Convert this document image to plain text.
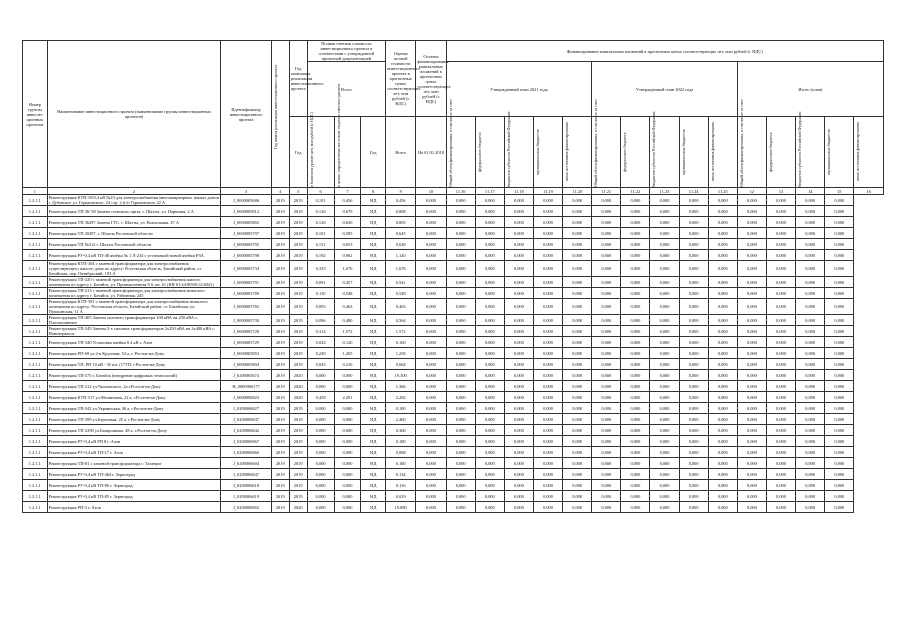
Номер группы инвести-ционных проектов	Наименование инвестиционного проекта (наименование группы инвестиционных проектов)	Идентификатор инвестиционного проекта	Год начала реализации инвестиционного проекта	Год окончания реализации инвестиционного проекта	Полная сметная стоимость инвестиционного проекта в соответствии с утвержденной проектной документацией			Оценка полной стоимости инвестиционного проекта в прогнозных ценах соответствующих лет, млн рублей (с НДС)	Остаток финансирования капитальных вложений в прогнозных ценах соответствующих лет, млн рублей (с НДС)	Финансирование капитальных вложений в прогнозных ценах соответствующих лет, млн рублей (с НДС)														
					Всего					Утвержденный план 2021 года					Утвержденный план 2022 года					Итого (план)				
				Год	в базисном уровне цен, млн рублей (с НДС)	в ценах, определенных на основе сводного сметного расчета	Год	Всего	На 01.01.2018	Общий объем финансирования, в том числе за счет:	федерального бюджета	бюджетов субъектов Российской Федерации	муниципальных бюджетов	иных источников финансирования	Общий объем финансирования, в том числе за счет:	федерального бюджета	бюджетов субъектов Российской Федерации	муниципальных бюджетов	иных источников финансирования	Общий объем финансирования, в том числе за счет:	федерального бюджета	бюджетов субъектов Российской Федерации	муниципальных бюджетов	иных источников финансирования

1	2	3	4	5	6	7	8	9	10	11.16	11.17	11.18	11.19	11.20	11.21	11.22	11.23	11.24	11.25	12	13	14	15	16
1.2.1.1	Реконструкция КТП-10/0,4 кВ №23 для электроснабжения многоквартирных жилых домов с Дубовское ул. Горьковского, 24 стр. 2 (г/п Горьковского 22 А	J_0000005686	2019	2019	0,101	0,456	НД	0,456	0,000	0,000	0,000	0,000	0,000	0,000	0,000	0,000	0,000	0,000	0,000	0,000	0,000	0,000	0,000	
1.2.1.1	Реконструкция ТП 36/ 98 Замена стенового щита, г. Шахты, ул. Парковая, 2 А	J_0000005812	2019	2019	0,136	0,679	НД	0,868	0,000	0,000	0,000	0,000	0,000	0,000	0,000	0,000	0,000	0,000	0,000	0,000	0,000	0,000	0,000	
1.2.1.1	Реконструкция ТП 36297 Замена ГТС, г. Шахты, ул. Вокзальная, 47 А	J_0000005802	2019	2019	0,126	0,630	НД	0,805	0,000	0,000	0,000	0,000	0,000	0,000	0,000	0,000	0,000	0,000	0,000	0,000	0,000	0,000	0,000	
1.2.1.1	Реконструкция ТП 20297, г. Шахты Ростовской области	J_0000005797	2019	2019	0,101	0,505	НД	0,645	0,000	0,000	0,000	0,000	0,000	0,000	0,000	0,000	0,000	0,000	0,000	0,000	0,000	0,000	0,000	
1.2.1.1	Реконструкция ТП №312 г. Шахты Ростовской области	J_0000005795	2019	2019	0,131	0,653	НД	0,628	0,000	0,000	0,000	0,000	0,000	0,000	0,000	0,000	0,000	0,000	0,000	0,000	0,000	0,000	0,000	
1.2.1.1	Реконструкция РУ-0,4 кВ ТП-48 ячейка № 1 Л-234 с установкой новой ячейки РЗА	J_0000005798	2019	2019	0,192	0,962	НД	1,140	0,000	0,000	0,000	0,000	0,000	0,000	0,000	0,000	0,000	0,000	0,000	0,000	0,000	0,000	0,000	
1.2.1.1	Реконструкция КТП-304 с заменой трансформатора для электроснабжения существующего жилого дома по адресу: Ростовская область, Батайский район, ст. Батайская, пер. Октябрьский, 103 А	J_0000005734	2019	2019	0,335	1,676	НД	1,676	0,000	0,000	0,000	0,000	0,000	0,000	0,000	0,000	0,000	0,000	0,000	0,000	0,000	0,000	0,000	
1.2.1.1	Реконструкция ТП-220 с заменой трансформатора для электроснабжения жилого помещения по адресу г. Батайск, ул. Промышленная 8 б, кв. 61 (КН 61:24:0030112:6041)	J_0000005791	2019	2019	0,091	0,457	НД	0,541	0,000	0,000	0,000	0,000	0,000	0,000	0,000	0,000	0,000	0,000	0,000	0,000	0,000	0,000	0,000	
1.2.1.1	Реконструкция ТП-213 с заменой трансформатора для электроснабжения нежилого помещения по адресу г. Батайск, ул. Районная, 245	J_0000005789	2019	2019	0,110	0,548	НД	0,548	0,000	0,000	0,000	0,000	0,000	0,000	0,000	0,000	0,000	0,000	0,000	0,000	0,000	0,000	0,000	
1.2.1.1	Реконструкция КТП-391 с заменой трансформатора для электроснабжения нежилого помещения по адресу: Ростовская область, Батайский район, ст. Батайская, ул. Пушкинская, 11 А	J_0000005782	2019	2019	0,093	0,463	НД	0,463	0,000	0,000	0,000	0,000	0,000	0,000	0,000	0,000	0,000	0,000	0,000	0,000	0,000	0,000	0,000	
1.2.1.1	Реконструкция ТП-405 Замена силового трансформатора 100 кВА на 250 кВА с. Плоскошинное	J_0000005730	2019	2019	0,096	0,480	НД	0,564	0,000	0,000	0,000	0,000	0,000	0,000	0,000	0,000	0,000	0,000	0,000	0,000	0,000	0,000	0,000	
1.2.1.1	Реконструкция ТП-249 Замена 2-х силовых трансформаторов 2х250 кВА на 2х400 кВА г. Новочеркасск	J_0000005728	2019	2019	0,314	1,572	НД	1,572	0,000	0,000	0,000	0,000	0,000	0,000	0,000	0,000	0,000	0,000	0,000	0,000	0,000	0,000	0,000	
1.2.1.1	Реконструкция ТП-340 Установка ячейки 0,4 кВ г. Азов	J_0000005729	2019	2019	0,024	0,120	НД	0,160	0,000	0,000	0,000	0,000	0,000	0,000	0,000	0,000	0,000	0,000	0,000	0,000	0,000	0,000	0,000	
1.2.1.1	Реконструкция РП-69 ул.2-я Круговая, 54 а, г. Ростов-на-Дону	J_0000005853	2019	2019	0,249	1,205	НД	1,258	0,000	0,000	0,000	0,000	0,000	0,000	0,000	0,000	0,000	0,000	0,000	0,000	0,000	0,000	0,000	
1.2.1.1	Реконструкция ТП, РП 10 кВ - 35 шт. (17ТП; г.Ростов-на-Дону	J_0000005804	2019	2019	0,043	0,216	НД	0,664	0,000	0,000	0,000	0,000	0,000	0,000	0,000	0,000	0,000	0,000	0,000	0,000	0,000	0,000	0,000	
1.2.1.1	Реконструкция ТП-575 г. Батайск (внедрение цифровых технологий)	J_0200005674	2019	2020	0,000	0,000	НД	19,300	0,000	0,000	0,000	0,000	0,000	0,000	0,000	0,000	0,000	0,000	0,000	0,000	0,000	0,000	0,000	
1.2.1.1	Реконструкция ТП-212 ул.Чкаловского, 2а г.Ростов-на-Дону	H_0000006177	2019	2020	0,000	0,000	НД	1,366	0,000	0,000	0,000	0,000	0,000	0,000	0,000	0,000	0,000	0,000	0,000	0,000	0,000	0,000	0,000	
1.2.1.1	Реконструкция КТП-517 ул.Малиновая, 22 а, г.Ростов-на-Дону	J_0000006823	2019	2020	0,458	2,291	НД	2,282	0,000	0,000	0,000	0,000	0,000	0,000	0,000	0,000	0,000	0,000	0,000	0,000	0,000	0,000	0,000	
1.2.1.1	Реконструкция ТП-342 ул.Украинская, 36 а, г.Ростов-на-Дону	J_0200006827	2019	2019	0,000	0,000	НД	0,180	0,000	0,000	0,000	0,000	0,000	0,000	0,000	0,000	0,000	0,000	0,000	0,000	0,000	0,000	0,000	
1.2.1.1	Реконструкция ТП-399 ул.Береговая, 25 а, г.Ростов-на-Дону	J_0200006847	2019	2019	0,000	0,000	НД	2,460	0,000	0,000	0,000	0,000	0,000	0,000	0,000	0,000	0,000	0,000	0,000	0,000	0,000	0,000	0,000	
1.2.1.1	Реконструкция ТП-2290 ул.Базарчикова, 48 а, г.Ростов-на-Дону	J_0200006842	2019	2019	0,000	0,000	НД	0,360	0,000	0,000	0,000	0,000	0,000	0,000	0,000	0,000	0,000	0,000	0,000	0,000	0,000	0,000	0,000	
1.2.1.1	Реконструкция РУ-0,4 кВ РП 8 г. Азов	J_0200006967	2019	2019	0,000	0,000	НД	0,180	0,000	0,000	0,000	0,000	0,000	0,000	0,000	0,000	0,000	0,000	0,000	0,000	0,000	0,000	0,000	
1.2.1.1	Реконструкция РУ-0,4 кВ ТП-17 г. Азов	J_0200006966	2019	2019	0,000	0,000	НД	0,888	0,000	0,000	0,000	0,000	0,000	0,000	0,000	0,000	0,000	0,000	0,000	0,000	0,000	0,000	0,000	
1.2.1.1	Реконструкция ТП-81 с заменой трансформатора г. Таганрог	J_0200006604	2019	2019	0,000	0,000	НД	0,180	0,000	0,000	0,000	0,000	0,000	0,000	0,000	0,000	0,000	0,000	0,000	0,000	0,000	0,000	0,000	
1.2.1.1	Реконструкция РУ-0,4 кВ ТП-464 г. Зерноград	J_0200006847	2019	2019	0,000	0,000	НД	0,134	0,000	0,000	0,000	0,000	0,000	0,000	0,000	0,000	0,000	0,000	0,000	0,000	0,000	0,000	0,000	
1.2.1.1	Реконструкция РУ-0,4 кВ ТП-80 г. Зерноград	J_0200006618	2019	2019	0,000	0,000	НД	0,116	0,000	0,000	0,000	0,000	0,000	0,000	0,000	0,000	0,000	0,000	0,000	0,000	0,000	0,000	0,000	
1.2.1.1	Реконструкция РУ-0,4 кВ ТП-85 г. Зерноград	J_0200006619	2019	2019	0,000	0,000	НД	0,029	0,000	0,000	0,000	0,000	0,000	0,000	0,000	0,000	0,000	0,000	0,000	0,000	0,000	0,000	0,000	
1.2.1.1	Реконструкция РП-3 г. Азов	J_0200006902	2019	2020	0,000	0,000	НД	19,880	0,000	0,000	0,000	0,000	0,000	0,000	0,000	0,000	0,000	0,000	0,000	0,000	0,000	0,000	0,000	
